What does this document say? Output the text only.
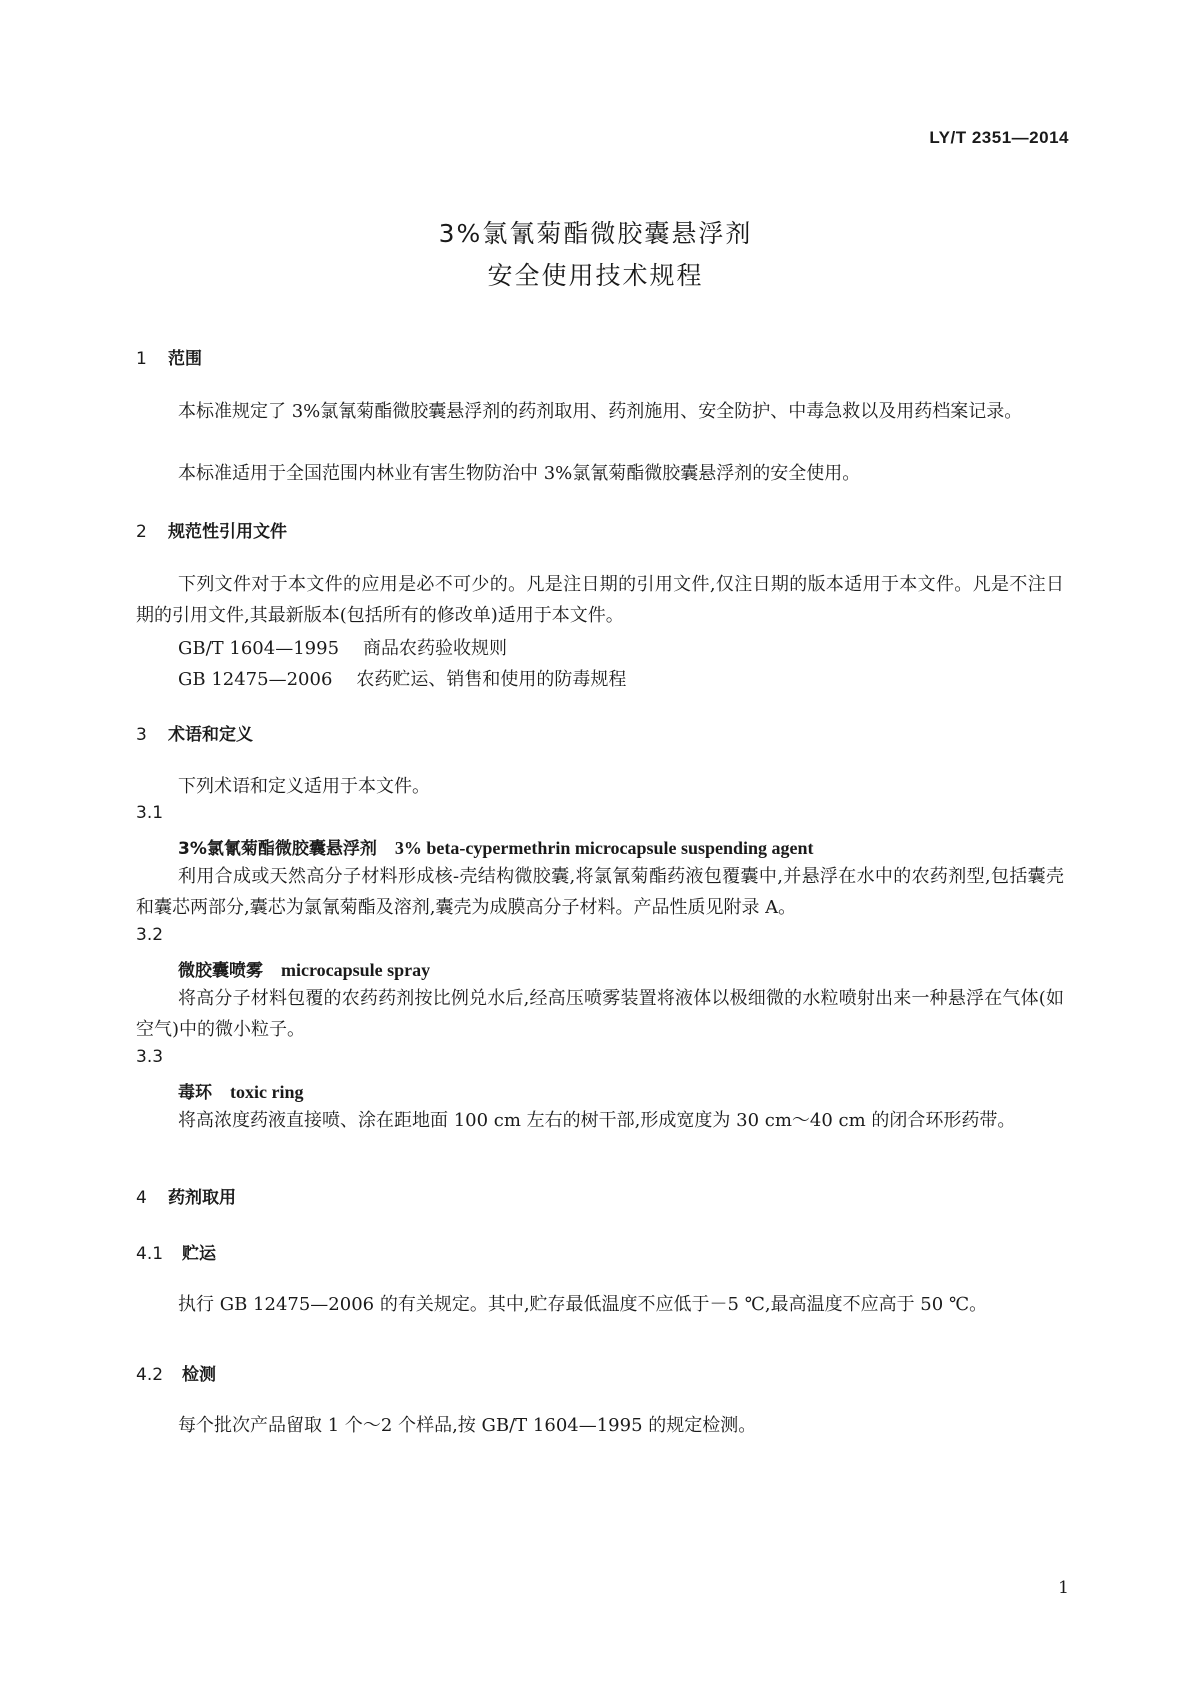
LY/T 2351—2014
3%氯氰菊酯微胶囊悬浮剂
安全使用技术规程
1 范围
本标准规定了 3%氯氰菊酯微胶囊悬浮剂的药剂取用、药剂施用、安全防护、中毒急救以及用药档案记录。
本标准适用于全国范围内林业有害生物防治中 3%氯氰菊酯微胶囊悬浮剂的安全使用。
2 规范性引用文件
下列文件对于本文件的应用是必不可少的。凡是注日期的引用文件,仅注日期的版本适用于本文件。凡是不注日期的引用文件,其最新版本(包括所有的修改单)适用于本文件。
GB/T 1604—1995 商品农药验收规则
GB 12475—2006 农药贮运、销售和使用的防毒规程
3 术语和定义
下列术语和定义适用于本文件。
3.1
3%氯氰菊酯微胶囊悬浮剂 3% beta-cypermethrin microcapsule suspending agent
利用合成或天然高分子材料形成核-壳结构微胶囊,将氯氰菊酯药液包覆囊中,并悬浮在水中的农药剂型,包括囊壳和囊芯两部分,囊芯为氯氰菊酯及溶剂,囊壳为成膜高分子材料。产品性质见附录 A。
3.2
微胶囊喷雾 microcapsule spray
将高分子材料包覆的农药药剂按比例兑水后,经高压喷雾装置将液体以极细微的水粒喷射出来一种悬浮在气体(如空气)中的微小粒子。
3.3
毒环 toxic ring
将高浓度药液直接喷、涂在距地面 100 cm 左右的树干部,形成宽度为 30 cm～40 cm 的闭合环形药带。
4 药剂取用
4.1 贮运
执行 GB 12475—2006 的有关规定。其中,贮存最低温度不应低于－5 ℃,最高温度不应高于 50 ℃。
4.2 检测
每个批次产品留取 1 个～2 个样品,按 GB/T 1604—1995 的规定检测。
1
